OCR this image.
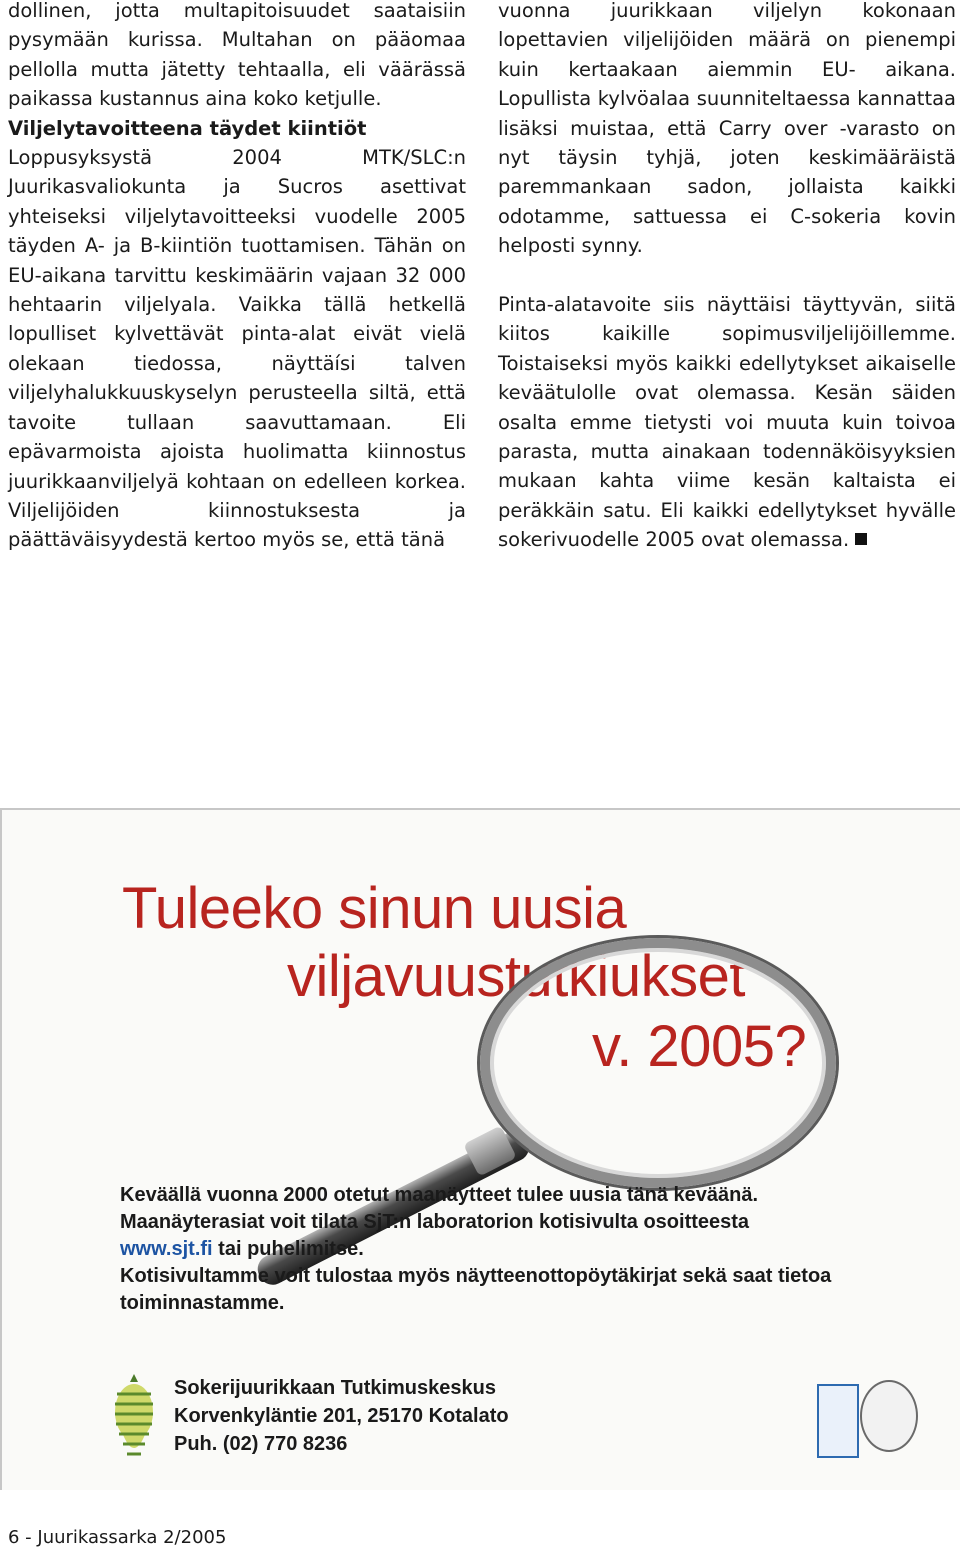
dollinen, jotta multapitoisuudet saataisiin pysymään kurissa. Multahan on pääomaa pellolla mutta jätetty tehtaalla, eli väärässä paikassa kustannus aina koko ketjulle.

Viljelytavoitteena täydet kiintiöt

Loppusyksystä 2004 MTK/SLC:n Juurikasvaliokunta ja Sucros asettivat yhteiseksi viljelytavoitteeksi vuodelle 2005 täyden A- ja B-kiintiön tuottamisen. Tähän on EU-aikana tarvittu keskimäärin vajaan 32 000 hehtaarin viljelyala. Vaikka tällä hetkellä lopulliset kylvettävät pinta-alat eivät vielä olekaan tiedossa, näyttäísi talven viljelyhalukkuuskyselyn perusteella siltä, että tavoite tullaan saavuttamaan. Eli epävarmoista ajoista huolimatta kiinnostus juurikkaanviljelyä kohtaan on edelleen korkea. Viljelijöiden kiinnostuksesta ja päättäväisyydestä kertoo myös se, että tänä

vuonna juurikkaan viljelyn kokonaan lopettavien viljelijöiden määrä on pienempi kuin kertaakaan aiemmin EU- aikana. Lopullista kylvöalaa suunniteltaessa kannattaa lisäksi muistaa, että Carry over -varasto on nyt täysin tyhjä, joten keskimääräistä paremmankaan sadon, jollaista kaikki odotamme, sattuessa ei C-sokeria kovin helposti synny.

Pinta-alatavoite siis näyttäisi täyttyvän, siitä kiitos kaikille sopimusviljelijöillemme. Toistaiseksi myös kaikki edellytykset aikaiselle keväätulolle ovat olemassa. Kesän säiden osalta emme tietysti voi muuta kuin toivoa parasta, mutta ainakaan todennäköisyyksien mukaan kahta viime kesän kaltaista ei peräkkäin satu. Eli kaikki edellytykset hyvälle sokerivuodelle 2005 ovat olemassa.

Tuleeko sinun uusia
viljavuustutkiukset
v. 2005?

Keväällä vuonna 2000 otetut maanäytteet tulee uusia tänä keväänä.

Maanäyterasiat voit tilata SjT:n laboratorion kotisivulta osoitteesta

www.sjt.fi tai puhelimitse.

Kotisivultamme voit tulostaa myös näytteenottopöytäkirjat sekä saat tietoa toiminnastamme.

Sokerijuurikkaan Tutkimuskeskus
Korvenkyläntie 201, 25170 Kotalato
Puh. (02) 770 8236
6 - Juurikassarka 2/2005
